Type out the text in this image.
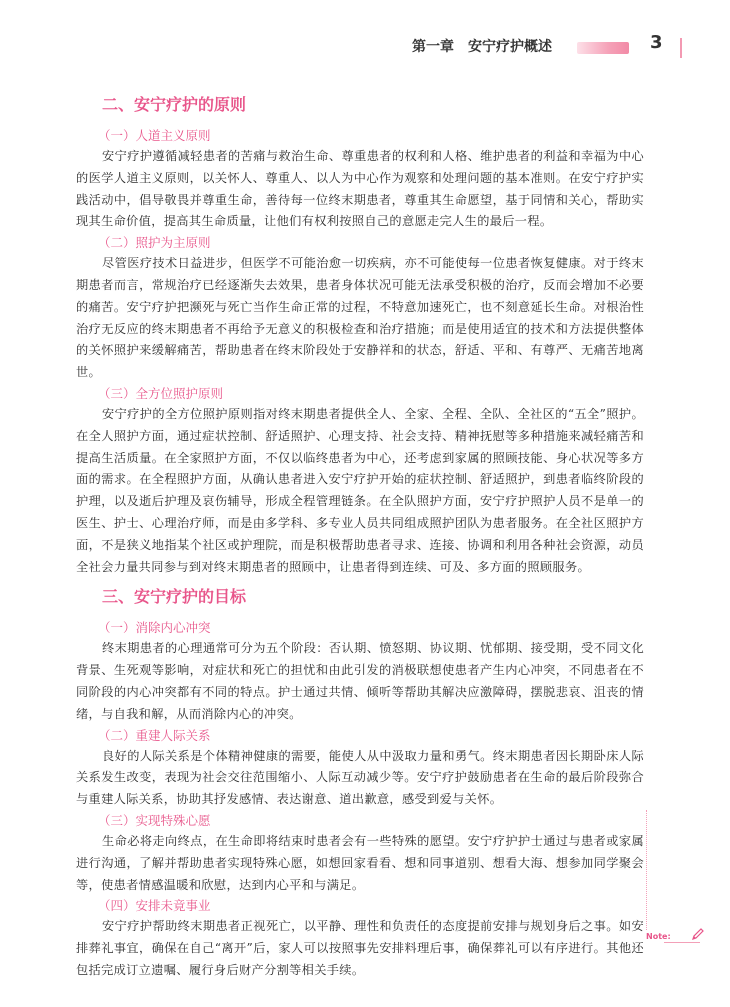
第一章　安宁疗护概述	3
二、安宁疗护的原则
（一）人道主义原则

安宁疗护遵循减轻患者的苦痛与救治生命、尊重患者的权利和人格、维护患者的利益和幸福为中心的医学人道主义原则，以关怀人、尊重人、以人为中心作为观察和处理问题的基本准则。在安宁疗护实践活动中，倡导敬畏并尊重生命，善待每一位终末期患者，尊重其生命愿望，基于同情和关心，帮助实现其生命价值，提高其生命质量，让他们有权利按照自己的意愿走完人生的最后一程。

（二）照护为主原则

尽管医疗技术日益进步，但医学不可能治愈一切疾病，亦不可能使每一位患者恢复健康。对于终末期患者而言，常规治疗已经逐渐失去效果，患者身体状况可能无法承受积极的治疗，反而会增加不必要的痛苦。安宁疗护把濒死与死亡当作生命正常的过程，不特意加速死亡，也不刻意延长生命。对根治性治疗无反应的终末期患者不再给予无意义的积极检查和治疗措施；而是使用适宜的技术和方法提供整体的关怀照护来缓解痛苦，帮助患者在终末阶段处于安静祥和的状态，舒适、平和、有尊严、无痛苦地离世。

（三）全方位照护原则

安宁疗护的全方位照护原则指对终末期患者提供全人、全家、全程、全队、全社区的“五全”照护。在全人照护方面，通过症状控制、舒适照护、心理支持、社会支持、精神抚慰等多种措施来减轻痛苦和提高生活质量。在全家照护方面，不仅以临终患者为中心，还考虑到家属的照顾技能、身心状况等多方面的需求。在全程照护方面，从确认患者进入安宁疗护开始的症状控制、舒适照护，到患者临终阶段的护理，以及逝后护理及哀伤辅导，形成全程管理链条。在全队照护方面，安宁疗护照护人员不是单一的医生、护士、心理治疗师，而是由多学科、多专业人员共同组成照护团队为患者服务。在全社区照护方面，不是狭义地指某个社区或护理院，而是积极帮助患者寻求、连接、协调和利用各种社会资源，动员全社会力量共同参与到对终末期患者的照顾中，让患者得到连续、可及、多方面的照顾服务。

三、安宁疗护的目标
（一）消除内心冲突

终末期患者的心理通常可分为五个阶段：否认期、愤怒期、协议期、忧郁期、接受期，受不同文化背景、生死观等影响，对症状和死亡的担忧和由此引发的消极联想使患者产生内心冲突，不同患者在不同阶段的内心冲突都有不同的特点。护士通过共情、倾听等帮助其解决应激障碍，摆脱悲哀、沮丧的情绪，与自我和解，从而消除内心的冲突。

（二）重建人际关系

良好的人际关系是个体精神健康的需要，能使人从中汲取力量和勇气。终末期患者因长期卧床人际关系发生改变，表现为社会交往范围缩小、人际互动减少等。安宁疗护鼓励患者在生命的最后阶段弥合与重建人际关系，协助其抒发感情、表达谢意、道出歉意，感受到爱与关怀。

（三）实现特殊心愿

生命必将走向终点，在生命即将结束时患者会有一些特殊的愿望。安宁疗护护士通过与患者或家属进行沟通，了解并帮助患者实现特殊心愿，如想回家看看、想和同事道别、想看大海、想参加同学聚会等，使患者情感温暖和欣慰，达到内心平和与满足。

（四）安排未竟事业

安宁疗护帮助终末期患者正视死亡，以平静、理性和负责任的态度提前安排与规划身后之事。如安排葬礼事宜，确保在自己“离开”后，家人可以按照事先安排料理后事，确保葬礼可以有序进行。其他还包括完成订立遗嘱、履行身后财产分割等相关手续。

Note:
